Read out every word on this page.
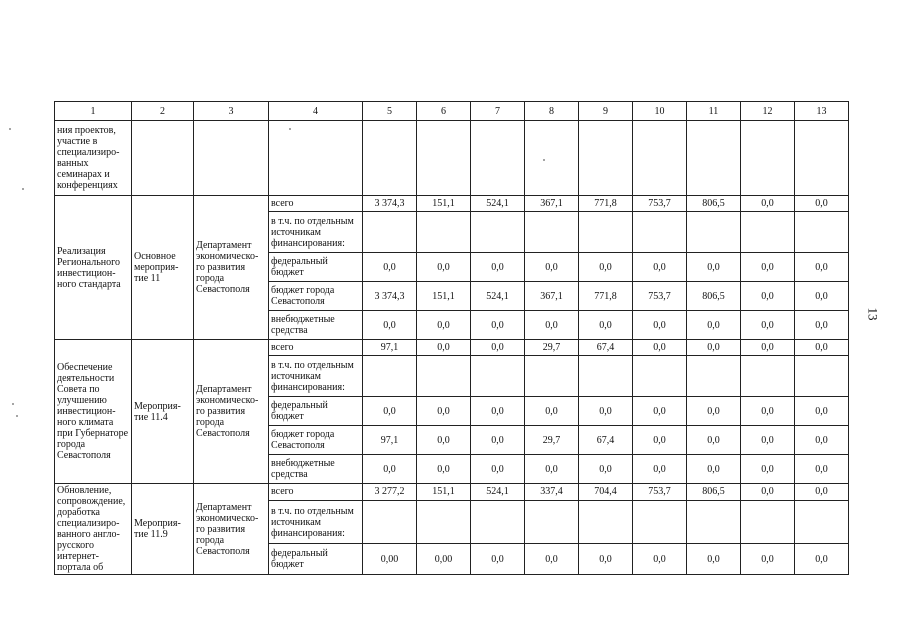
1	2	3	4	5	6	7	8	9	10	11	12	13
ния проектов, участие в специализиро-ванных семинарах и конференциях												
Реализация Регионального инвестицион-ного стандарта	Основное мероприя-тие 11	Департамент экономическо-го развития города Севастополя	всего	3 374,3	151,1	524,1	367,1	771,8	753,7	806,5	0,0	0,0
			в т.ч. по отдельным источникам финансирования:									
			федеральный бюджет	0,0	0,0	0,0	0,0	0,0	0,0	0,0	0,0	0,0
			бюджет города Севастополя	3 374,3	151,1	524,1	367,1	771,8	753,7	806,5	0,0	0,0
			внебюджетные средства	0,0	0,0	0,0	0,0	0,0	0,0	0,0	0,0	0,0
Обеспечение деятельности Совета по улучшению инвестицион-ного климата при Губернаторе города Севастополя	Мероприя-тие 11.4	Департамент экономическо-го развития города Севастополя	всего	97,1	0,0	0,0	29,7	67,4	0,0	0,0	0,0	0,0
			в т.ч. по отдельным источникам финансирования:									
			федеральный бюджет	0,0	0,0	0,0	0,0	0,0	0,0	0,0	0,0	0,0
			бюджет города Севастополя	97,1	0,0	0,0	29,7	67,4	0,0	0,0	0,0	0,0
			внебюджетные средства	0,0	0,0	0,0	0,0	0,0	0,0	0,0	0,0	0,0
Обновление, сопровождение, доработка специализиро-ванного англо-русского интернет-портала об	Мероприя-тие 11.9	Департамент экономическо-го развития города Севастополя	всего	3 277,2	151,1	524,1	337,4	704,4	753,7	806,5	0,0	0,0
			в т.ч. по отдельным источникам финансирования:									
			федеральный бюджет	0,00	0,00	0,0	0,0	0,0	0,0	0,0	0,0	0,0
13
